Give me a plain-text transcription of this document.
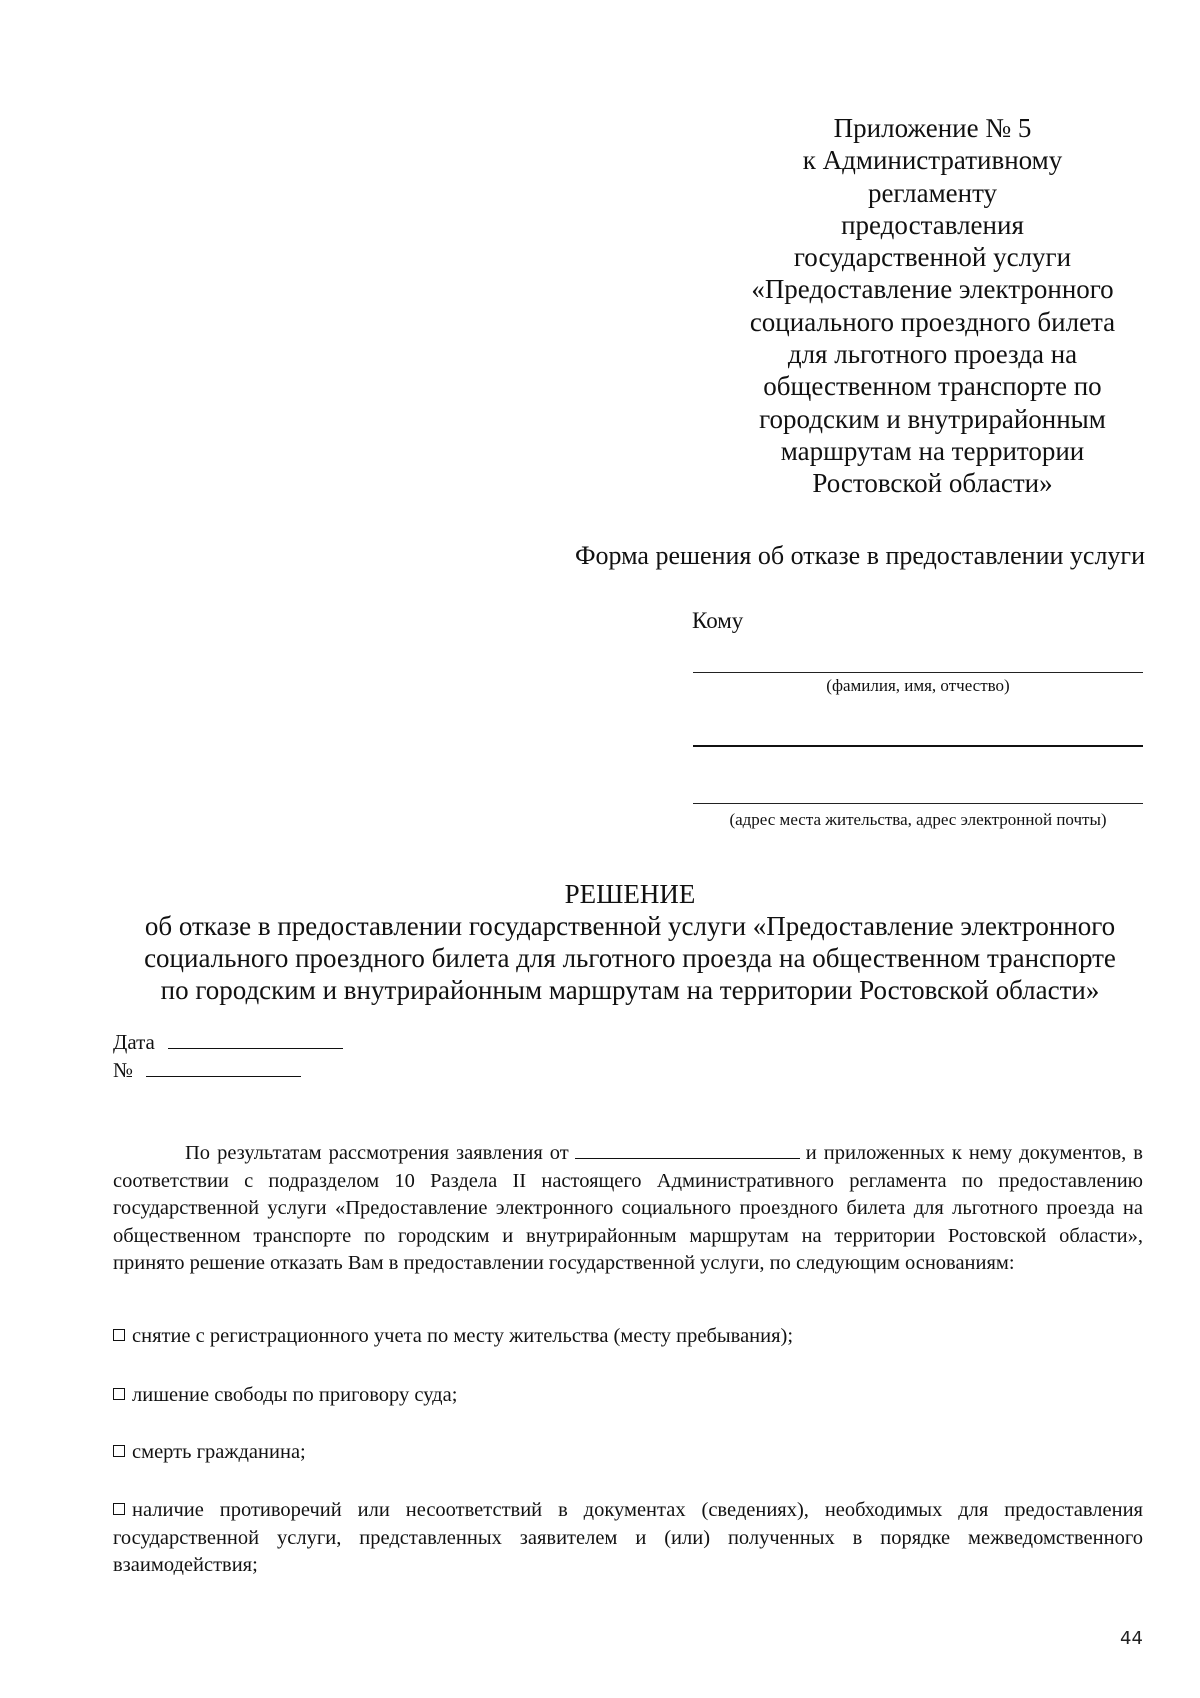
Приложение № 5
к Административному
регламенту
предоставления
государственной услуги
«Предоставление электронного
социального проездного билета
для льготного проезда на
общественном транспорте по
городским и внутрирайонным
маршрутам на территории
Ростовской области»
Форма решения об отказе в предоставлении услуги
Кому
(фамилия, имя, отчество)
(адрес места жительства, адрес электронной почты)
РЕШЕНИЕ
об отказе в предоставлении государственной услуги «Предоставление электронного
социального проездного билета для льготного проезда на общественном транспорте
по городским и внутрирайонным маршрутам на территории Ростовской области»
Дата
№
По результатам рассмотрения заявления от	и приложенных к нему документов, в соответствии с подразделом 10 Раздела II настоящего Административного регламента по предоставлению государственной услуги «Предоставление электронного социального проездного билета для льготного проезда на общественном транспорте по городским и внутрирайонным маршрутам на территории Ростовской области», принято решение отказать Вам в предоставлении государственной услуги, по следующим основаниям:
снятие с регистрационного учета по месту жительства (месту пребывания);
лишение свободы по приговору суда;
смерть гражданина;
наличие противоречий или несоответствий в документах (сведениях), необходимых для предоставления государственной услуги, представленных заявителем и (или) полученных в порядке межведомственного взаимодействия;
44
